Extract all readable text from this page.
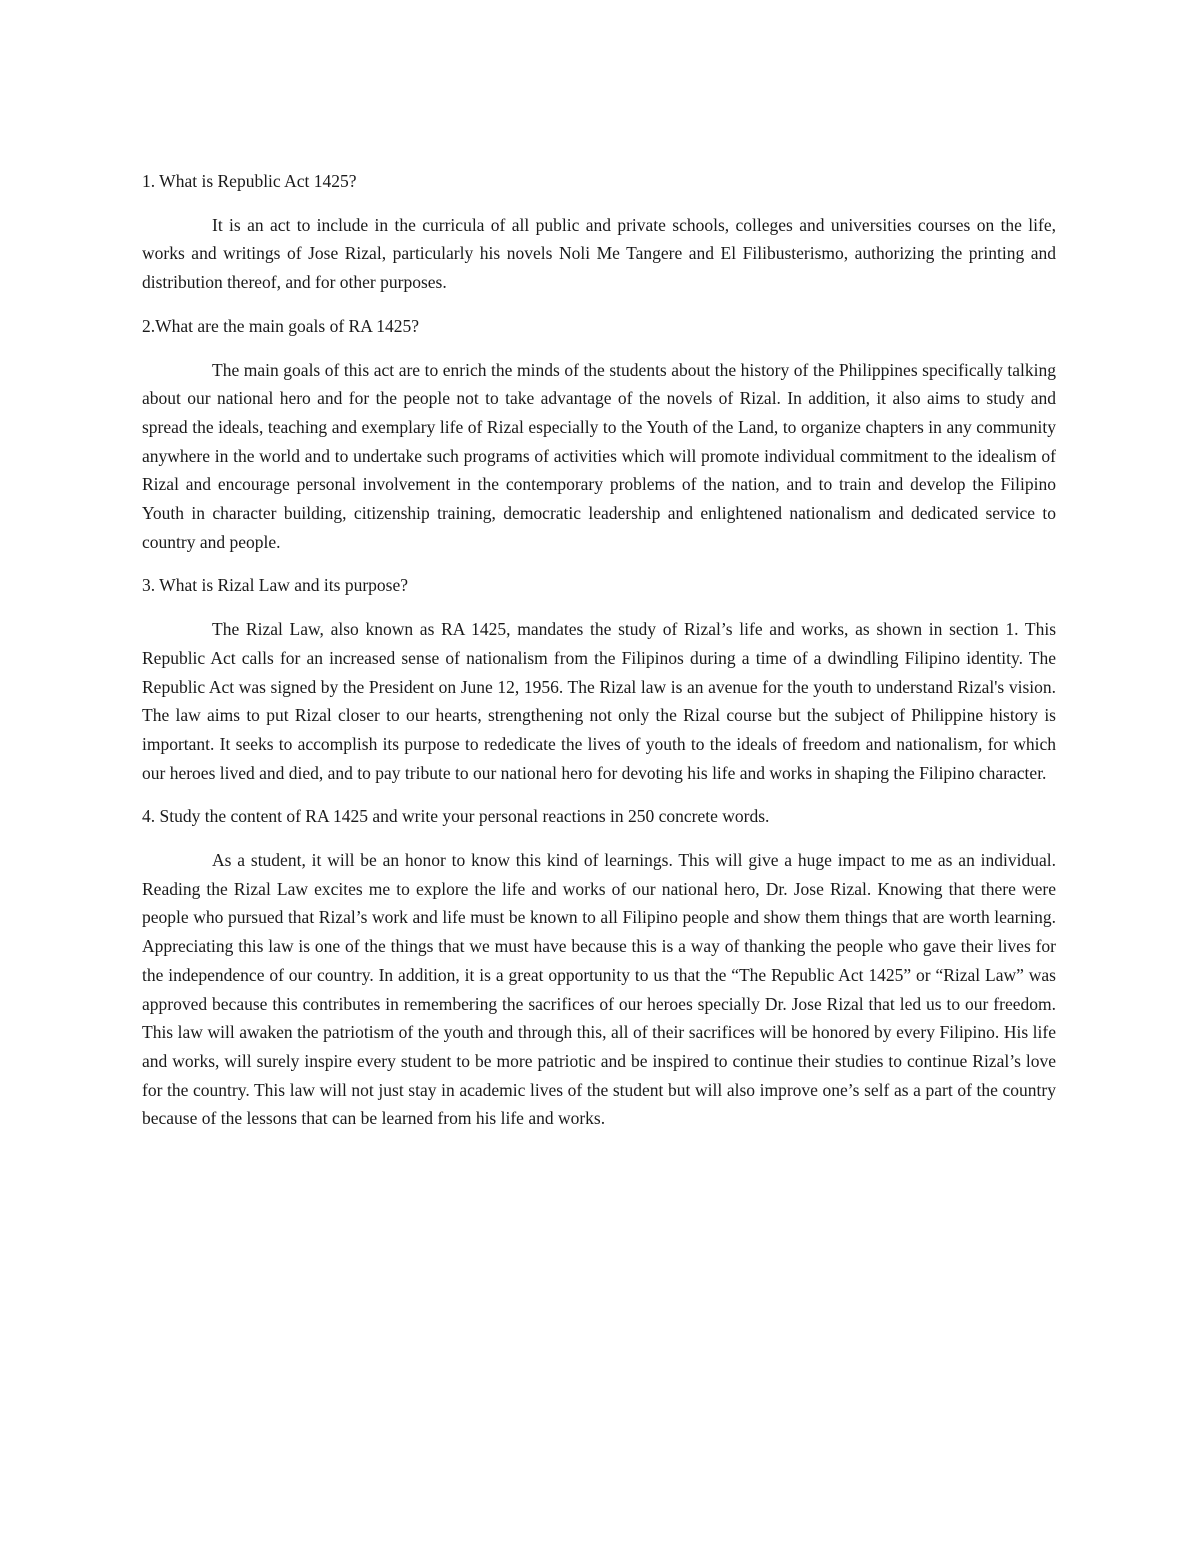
1. What is Republic Act 1425?

It is an act to include in the curricula of all public and private schools, colleges and universities courses on the life, works and writings of Jose Rizal, particularly his novels Noli Me Tangere and El Filibusterismo, authorizing the printing and distribution thereof, and for other purposes.

2.What are the main goals of RA 1425?

The main goals of this act are to enrich the minds of the students about the history of the Philippines specifically talking about our national hero and for the people not to take advantage of the novels of Rizal. In addition, it also aims to study and spread the ideals, teaching and exemplary life of Rizal especially to the Youth of the Land, to organize chapters in any community anywhere in the world and to undertake such programs of activities which will promote individual commitment to the idealism of Rizal and encourage personal involvement in the contemporary problems of the nation, and to train and develop the Filipino Youth in character building, citizenship training, democratic leadership and enlightened nationalism and dedicated service to country and people.

3. What is Rizal Law and its purpose?

The Rizal Law, also known as RA 1425, mandates the study of Rizal’s life and works, as shown in section 1. This Republic Act calls for an increased sense of nationalism from the Filipinos during a time of a dwindling Filipino identity. The Republic Act was signed by the President on June 12, 1956. The Rizal law is an avenue for the youth to understand Rizal's vision. The law aims to put Rizal closer to our hearts, strengthening not only the Rizal course but the subject of Philippine history is important. It seeks to accomplish its purpose to rededicate the lives of youth to the ideals of freedom and nationalism, for which our heroes lived and died, and to pay tribute to our national hero for devoting his life and works in shaping the Filipino character.

4. Study the content of RA 1425 and write your personal reactions in 250 concrete words.

As a student, it will be an honor to know this kind of learnings. This will give a huge impact to me as an individual. Reading the Rizal Law excites me to explore the life and works of our national hero, Dr. Jose Rizal. Knowing that there were people who pursued that Rizal’s work and life must be known to all Filipino people and show them things that are worth learning. Appreciating this law is one of the things that we must have because this is a way of thanking the people who gave their lives for the independence of our country. In addition, it is a great opportunity to us that the “The Republic Act 1425” or “Rizal Law” was approved because this contributes in remembering the sacrifices of our heroes specially Dr. Jose Rizal that led us to our freedom. This law will awaken the patriotism of the youth and through this, all of their sacrifices will be honored by every Filipino. His life and works, will surely inspire every student to be more patriotic and be inspired to continue their studies to continue Rizal’s love for the country. This law will not just stay in academic lives of the student but will also improve one’s self as a part of the country because of the lessons that can be learned from his life and works.
